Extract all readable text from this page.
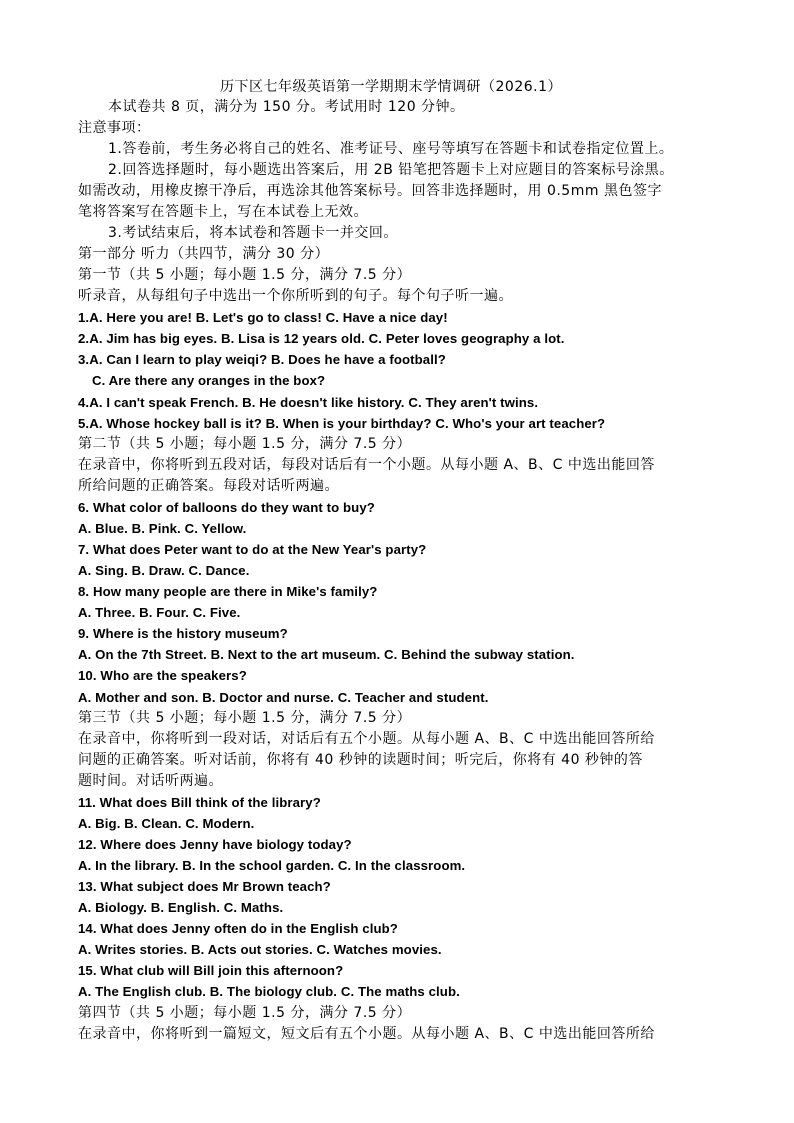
历下区七年级英语第一学期期末学情调研（2026.1）
本试卷共 8 页，满分为 150 分。考试用时 120 分钟。
注意事项：
1.答卷前，考生务必将自己的姓名、准考证号、座号等填写在答题卡和试卷指定位置上。
2.回答选择题时，每小题选出答案后，用 2B 铅笔把答题卡上对应题目的答案标号涂黑。
如需改动，用橡皮擦干净后，再选涂其他答案标号。回答非选择题时，用 0.5mm 黑色签字
笔将答案写在答题卡上，写在本试卷上无效。
3.考试结束后，将本试卷和答题卡一并交回。
第一部分 听力（共四节，满分 30 分）
第一节（共 5 小题；每小题 1.5 分，满分 7.5 分）
听录音，从每组句子中选出一个你所听到的句子。每个句子听一遍。
1.A. Here you are! B. Let's go to class! C. Have a nice day!
2.A. Jim has big eyes. B. Lisa is 12 years old. C. Peter loves geography a lot.
3.A. Can I learn to play weiqi? B. Does he have a football?
C. Are there any oranges in the box?
4.A. I can't speak French. B. He doesn't like history. C. They aren't twins.
5.A. Whose hockey ball is it? B. When is your birthday? C. Who's your art teacher?
第二节（共 5 小题；每小题 1.5 分，满分 7.5 分）
在录音中，你将听到五段对话，每段对话后有一个小题。从每小题 A、B、C 中选出能回答
所给问题的正确答案。每段对话听两遍。
6. What color of balloons do they want to buy?
A. Blue. B. Pink. C. Yellow.
7. What does Peter want to do at the New Year's party?
A. Sing. B. Draw. C. Dance.
8. How many people are there in Mike's family?
A. Three. B. Four. C. Five.
9. Where is the history museum?
A. On the 7th Street. B. Next to the art museum. C. Behind the subway station.
10. Who are the speakers?
A. Mother and son. B. Doctor and nurse. C. Teacher and student.
第三节（共 5 小题；每小题 1.5 分，满分 7.5 分）
在录音中，你将听到一段对话，对话后有五个小题。从每小题 A、B、C 中选出能回答所给
问题的正确答案。听对话前，你将有 40 秒钟的读题时间；听完后，你将有 40 秒钟的答
题时间。对话听两遍。
11. What does Bill think of the library?
A. Big. B. Clean. C. Modern.
12. Where does Jenny have biology today?
A. In the library. B. In the school garden. C. In the classroom.
13. What subject does Mr Brown teach?
A. Biology. B. English. C. Maths.
14. What does Jenny often do in the English club?
A. Writes stories. B. Acts out stories. C. Watches movies.
15. What club will Bill join this afternoon?
A. The English club. B. The biology club. C. The maths club.
第四节（共 5 小题；每小题 1.5 分，满分 7.5 分）
在录音中，你将听到一篇短文，短文后有五个小题。从每小题 A、B、C 中选出能回答所给
